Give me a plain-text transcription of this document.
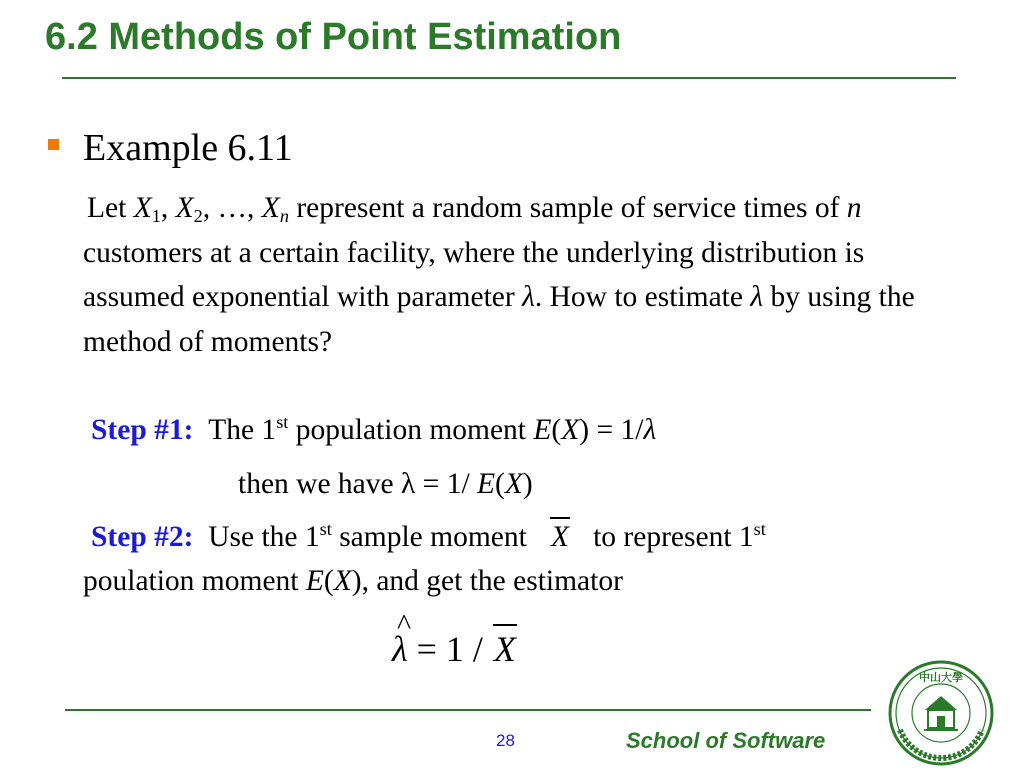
6.2 Methods of Point Estimation
Example 6.11
Let $X_1$, $X_2$, …, $X_n$ represent a random sample of service times of n customers at a certain facility, where the underlying distribution is assumed exponential with parameter λ. How to estimate λ by using the method of moments?
Step #1: The 1st population moment E(X) = 1/λ
then we have λ = 1/ E(X)
Step #2: Use the 1st sample moment   X   to represent 1st
poulation moment E(X), and get the estimator
^
λ = 1 / X
28	School of Software
中山大學
